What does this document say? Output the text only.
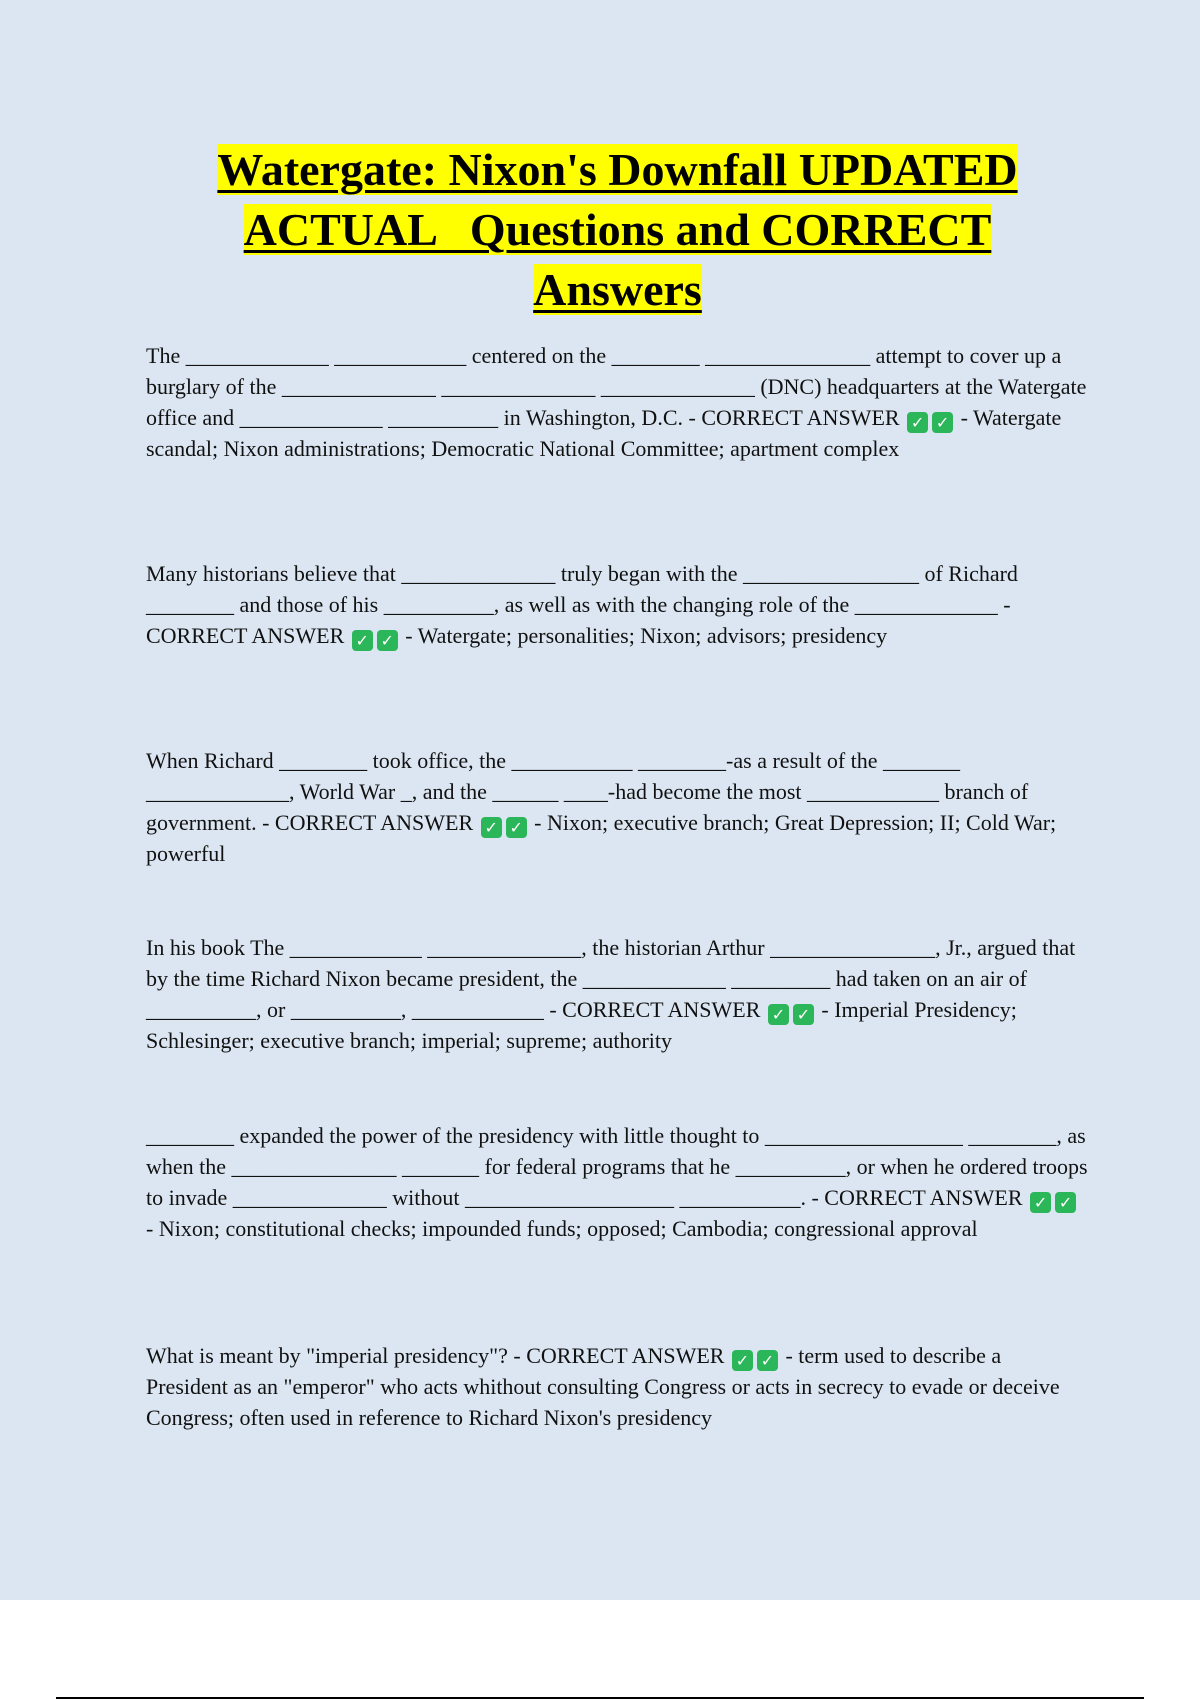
Watergate: Nixon's Downfall UPDATED
ACTUAL   Questions and CORRECT
Answers

The _____________ ____________ centered on the ________ _______________ attempt to cover up a burglary of the ______________ ______________ ______________ (DNC) headquarters at the Watergate office and _____________ __________ in Washington, D.C. - CORRECT ANSWER ✓ ✓ - Watergate scandal; Nixon administrations; Democratic National Committee; apartment complex

Many historians believe that ______________ truly began with the ________________ of Richard ________ and those of his __________, as well as with the changing role of the _____________ - CORRECT ANSWER ✓ ✓ - Watergate; personalities; Nixon; advisors; presidency

When Richard ________ took office, the ___________ ________-as a result of the _______ _____________, World War _, and the ______ ____-had become the most ____________ branch of government. - CORRECT ANSWER ✓ ✓ - Nixon; executive branch; Great Depression; II; Cold War; powerful

In his book The ____________ ______________, the historian Arthur _______________, Jr., argued that by the time Richard Nixon became president, the _____________ _________ had taken on an air of __________, or __________, ____________ - CORRECT ANSWER ✓ ✓ - Imperial Presidency; Schlesinger; executive branch; imperial; supreme; authority

________ expanded the power of the presidency with little thought to __________________ ________, as when the _______________ _______ for federal programs that he __________, or when he ordered troops to invade ______________ without ___________________ ___________. - CORRECT ANSWER ✓ ✓ - Nixon; constitutional checks; impounded funds; opposed; Cambodia; congressional approval

What is meant by "imperial presidency"? - CORRECT ANSWER ✓ ✓ - term used to describe a President as an "emperor" who acts whithout consulting Congress or acts in secrecy to evade or deceive Congress; often used in reference to Richard Nixon's presidency
